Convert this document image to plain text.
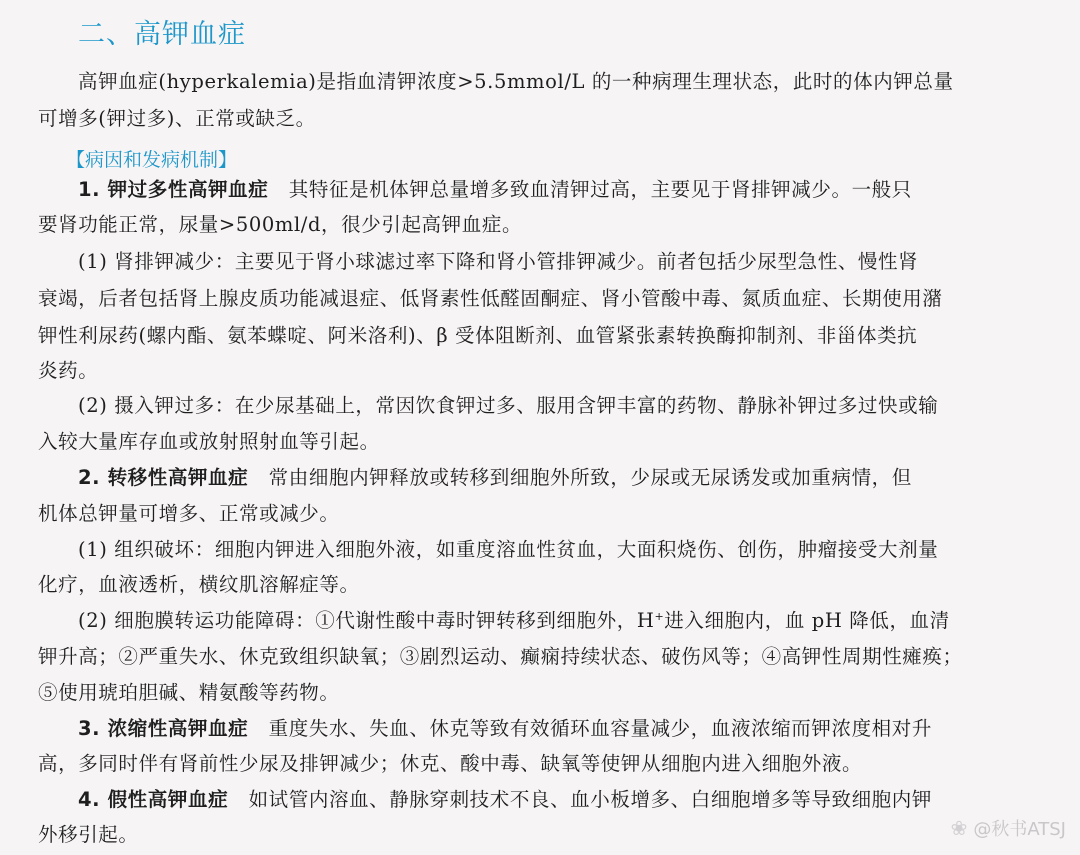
二、高钾血症
高钾血症(hyperkalemia)是指血清钾浓度>5.5mmol/L 的一种病理生理状态，此时的体内钾总量
可增多(钾过多)、正常或缺乏。
【病因和发病机制】
1. 钾过多性高钾血症 其特征是机体钾总量增多致血清钾过高，主要见于肾排钾减少。一般只
要肾功能正常，尿量>500ml/d，很少引起高钾血症。
(1) 肾排钾减少：主要见于肾小球滤过率下降和肾小管排钾减少。前者包括少尿型急性、慢性肾
衰竭，后者包括肾上腺皮质功能减退症、低肾素性低醛固酮症、肾小管酸中毒、氮质血症、长期使用潴
钾性利尿药(螺内酯、氨苯蝶啶、阿米洛利)、β 受体阻断剂、血管紧张素转换酶抑制剂、非甾体类抗
炎药。
(2) 摄入钾过多：在少尿基础上，常因饮食钾过多、服用含钾丰富的药物、静脉补钾过多过快或输
入较大量库存血或放射照射血等引起。
2. 转移性高钾血症 常由细胞内钾释放或转移到细胞外所致，少尿或无尿诱发或加重病情，但
机体总钾量可增多、正常或减少。
(1) 组织破坏：细胞内钾进入细胞外液，如重度溶血性贫血，大面积烧伤、创伤，肿瘤接受大剂量
化疗，血液透析，横纹肌溶解症等。
(2) 细胞膜转运功能障碍：①代谢性酸中毒时钾转移到细胞外，H+进入细胞内，血 pH 降低，血清
钾升高；②严重失水、休克致组织缺氧；③剧烈运动、癫痫持续状态、破伤风等；④高钾性周期性瘫痪；
⑤使用琥珀胆碱、精氨酸等药物。
3. 浓缩性高钾血症 重度失水、失血、休克等致有效循环血容量减少，血液浓缩而钾浓度相对升
高，多同时伴有肾前性少尿及排钾减少；休克、酸中毒、缺氧等使钾从细胞内进入细胞外液。
4. 假性高钾血症 如试管内溶血、静脉穿刺技术不良、血小板增多、白细胞增多等导致细胞内钾
外移引起。	❀ @秋书ATSJ
